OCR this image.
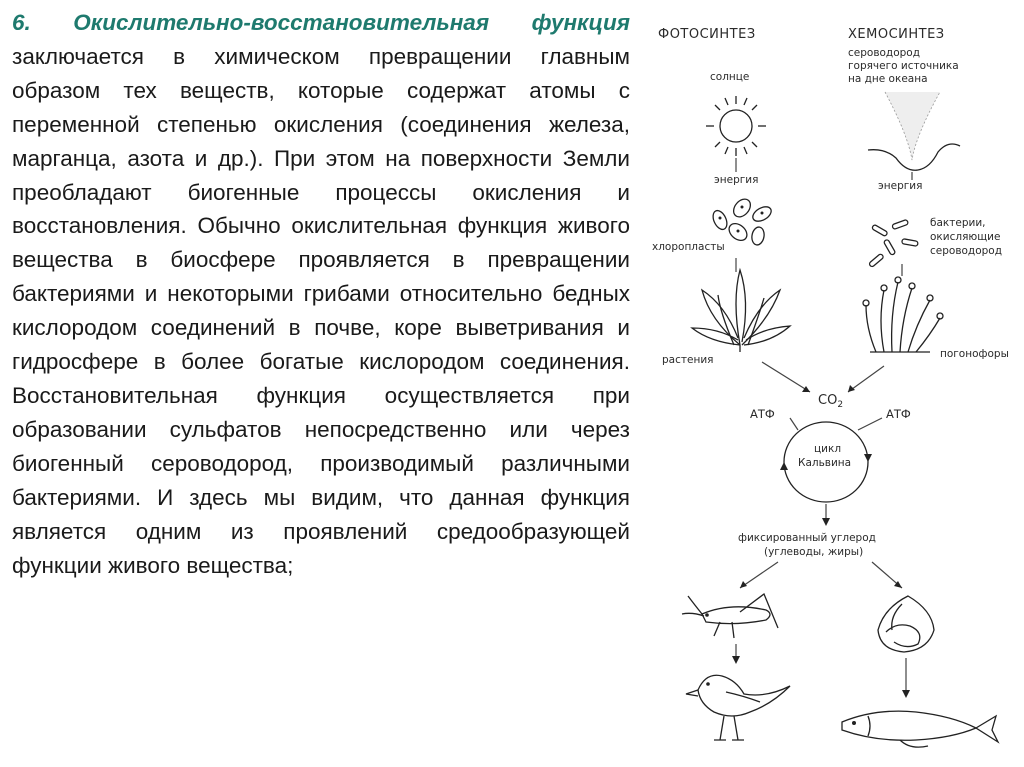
6. Окислительно-восстановительная функция заключается в химическом превращении главным образом тех веществ, которые содержат атомы с переменной степенью окисления (соединения железа, марганца, азота и др.). При этом на поверхности Земли преобладают биогенные процессы окисления и восстановления. Обычно окислительная функция живого вещества в биосфере проявляется в превращении бактериями и некоторыми грибами относительно бедных кислородом соединений в почве, коре выветривания и гидросфере в более богатые кислородом соединения. Восстановительная функция осуществляется при образовании сульфатов непосредственно или через биогенный сероводород, производимый различными бактериями. И здесь мы видим, что данная функция является одним из проявлений средообразующей функции живого вещества;
ФОТОСИНТЕЗ	ХЕМОСИНТЕЗ
сероводород
горячего источника
на дне океана
солнце
энергия	энергия
хлоропласты
бактерии,
окисляющие
сероводород
растения	погонофоры
АТФ	АТФ
$CO_2$
цикл
Кальвина
фиксированный углерод
(углеводы, жиры)
